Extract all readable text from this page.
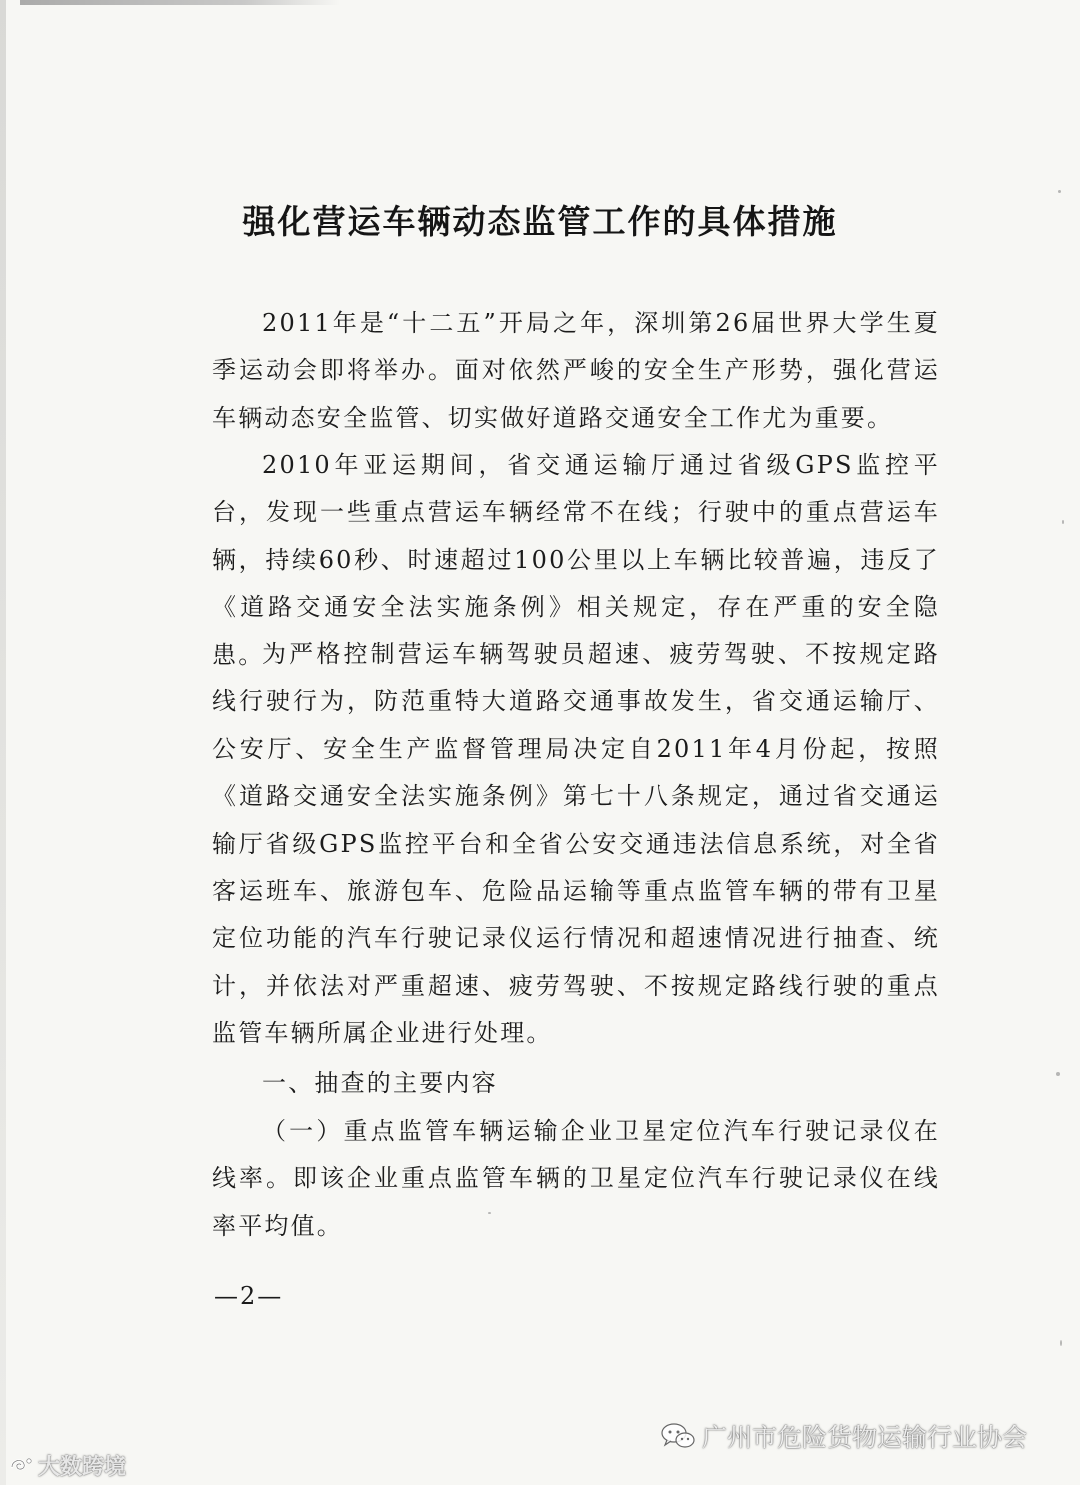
强化营运车辆动态监管工作的具体措施

2011年是“十二五”开局之年，深圳第26届世界大学生夏季运动会即将举办。面对依然严峻的安全生产形势，强化营运车辆动态安全监管、切实做好道路交通安全工作尤为重要。

2010年亚运期间，省交通运输厅通过省级GPS监控平台，发现一些重点营运车辆经常不在线；行驶中的重点营运车辆，持续60秒、时速超过100公里以上车辆比较普遍，违反了《道路交通安全法实施条例》相关规定，存在严重的安全隐患。

为严格控制营运车辆驾驶员超速、疲劳驾驶、不按规定路线行驶行为，防范重特大道路交通事故发生，省交通运输厅、公安厅、安全生产监督管理局决定自2011年4月份起，按照《道路交通安全法实施条例》第七十八条规定，通过省交通运输厅省级GPS监控平台和全省公安交通违法信息系统，对全省客运班车、旅游包车、危险品运输等重点监管车辆的带有卫星定位功能的汽车行驶记录仪运行情况和超速情况进行抽查、统计，并依法对严重超速、疲劳驾驶、不按规定路线行驶的重点监管车辆所属企业进行处理。

一、抽查的主要内容

（一）重点监管车辆运输企业卫星定位汽车行驶记录仪在线率。即该企业重点监管车辆的卫星定位汽车行驶记录仪在线率平均值。

—2—

大数跨境
广州市危险货物运输行业协会
